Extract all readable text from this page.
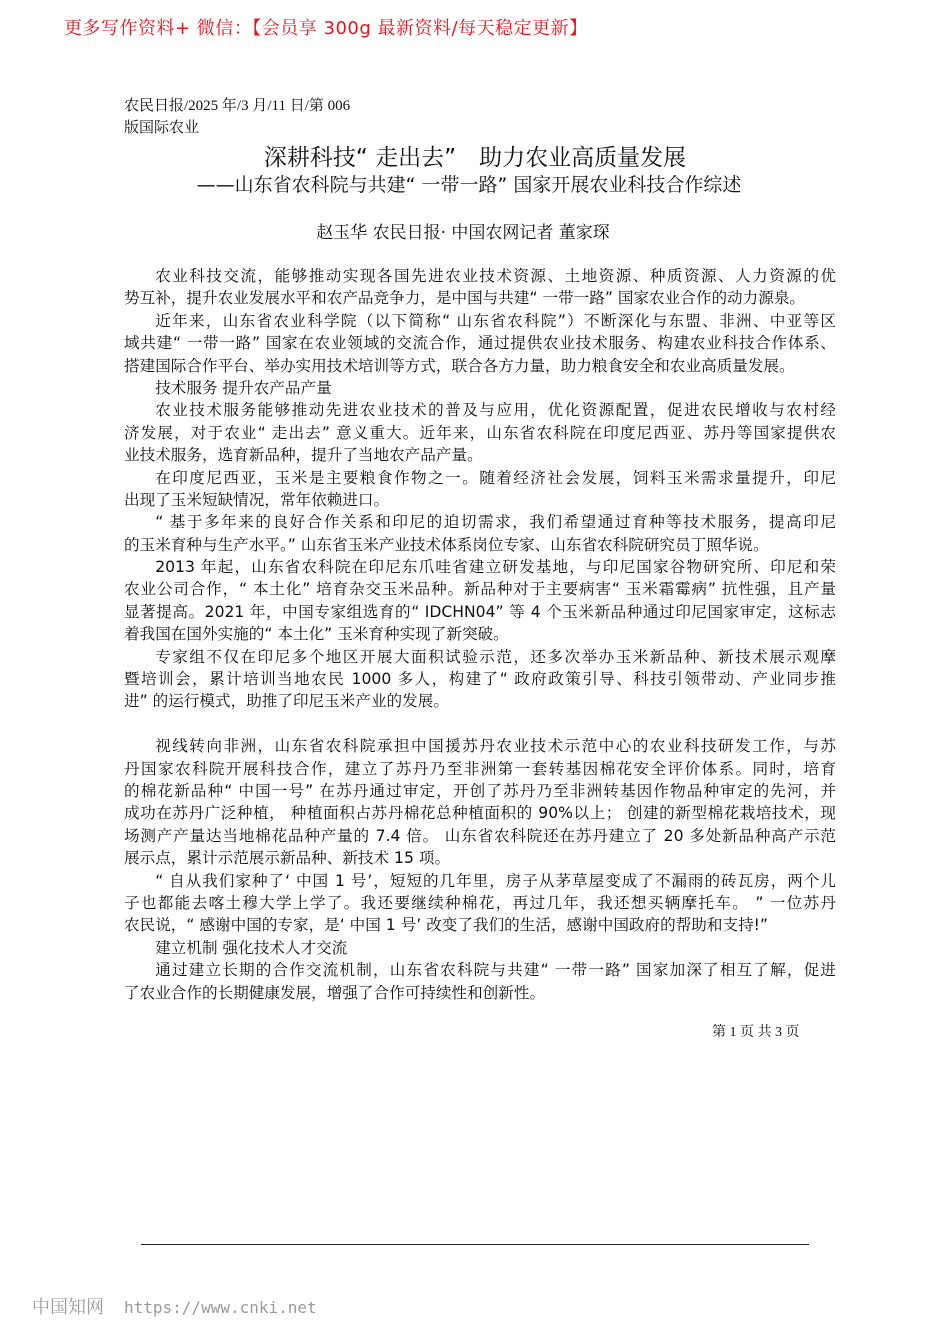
更多写作资料+ 微信：【会员享 300g 最新资料/每天稳定更新】
农民日报/2025 年/3 月/11 日/第 006
版国际农业
深耕科技“ 走出去”　助力农业高质量发展
——山东省农科院与共建“ 一带一路” 国家开展农业科技合作综述
赵玉华 农民日报· 中国农网记者 董家琛
农业科技交流，能够推动实现各国先进农业技术资源、土地资源、种质资源、人力资源的优
势互补，提升农业发展水平和农产品竞争力，是中国与共建“ 一带一路” 国家农业合作的动力源泉。
近年来，山东省农业科学院（以下简称“ 山东省农科院”）不断深化与东盟、非洲、中亚等区
域共建“ 一带一路” 国家在农业领域的交流合作，通过提供农业技术服务、构建农业科技合作体系、
搭建国际合作平台、举办实用技术培训等方式，联合各方力量，助力粮食安全和农业高质量发展。
技术服务 提升农产品产量
农业技术服务能够推动先进农业技术的普及与应用，优化资源配置，促进农民增收与农村经
济发展，对于农业“ 走出去” 意义重大。近年来，山东省农科院在印度尼西亚、苏丹等国家提供农
业技术服务，选育新品种，提升了当地农产品产量。
在印度尼西亚，玉米是主要粮食作物之一。随着经济社会发展，饲料玉米需求量提升，印尼
出现了玉米短缺情况，常年依赖进口。
“ 基于多年来的良好合作关系和印尼的迫切需求，我们希望通过育种等技术服务，提高印尼
的玉米育种与生产水平。” 山东省玉米产业技术体系岗位专家、山东省农科院研究员丁照华说。
2013 年起，山东省农科院在印尼东爪哇省建立研发基地，与印尼国家谷物研究所、印尼和荣
农业公司合作，“ 本土化” 培育杂交玉米品种。新品种对于主要病害“ 玉米霜霉病” 抗性强，且产量
显著提高。2021 年，中国专家组选育的“ IDCHN04” 等 4 个玉米新品种通过印尼国家审定，这标志
着我国在国外实施的“ 本土化” 玉米育种实现了新突破。
专家组不仅在印尼多个地区开展大面积试验示范，还多次举办玉米新品种、新技术展示观摩
暨培训会，累计培训当地农民 1000 多人，构建了“ 政府政策引导、科技引领带动、产业同步推
进” 的运行模式，助推了印尼玉米产业的发展。
视线转向非洲，山东省农科院承担中国援苏丹农业技术示范中心的农业科技研发工作，与苏
丹国家农科院开展科技合作，建立了苏丹乃至非洲第一套转基因棉花安全评价体系。同时，培育
的棉花新品种“ 中国一号” 在苏丹通过审定，开创了苏丹乃至非洲转基因作物品种审定的先河，并
成功在苏丹广泛种植， 种植面积占苏丹棉花总种植面积的 90%以上； 创建的新型棉花栽培技术，现
场测产产量达当地棉花品种产量的 7.4 倍。 山东省农科院还在苏丹建立了 20 多处新品种高产示范
展示点，累计示范展示新品种、新技术 15 项。
“ 自从我们家种了‘ 中国 1 号’，短短的几年里，房子从茅草屋变成了不漏雨的砖瓦房，两个儿
子也都能去喀土穆大学上学了。我还要继续种棉花，再过几年，我还想买辆摩托车。 ” 一位苏丹
农民说，“ 感谢中国的专家，是‘ 中国 1 号’ 改变了我们的生活，感谢中国政府的帮助和支持!”
建立机制 强化技术人才交流
通过建立长期的合作交流机制，山东省农科院与共建“ 一带一路” 国家加深了相互了解，促进
了农业合作的长期健康发展，增强了合作可持续性和创新性。
第 1 页 共 3 页
中国知网 https://www.cnki.net
